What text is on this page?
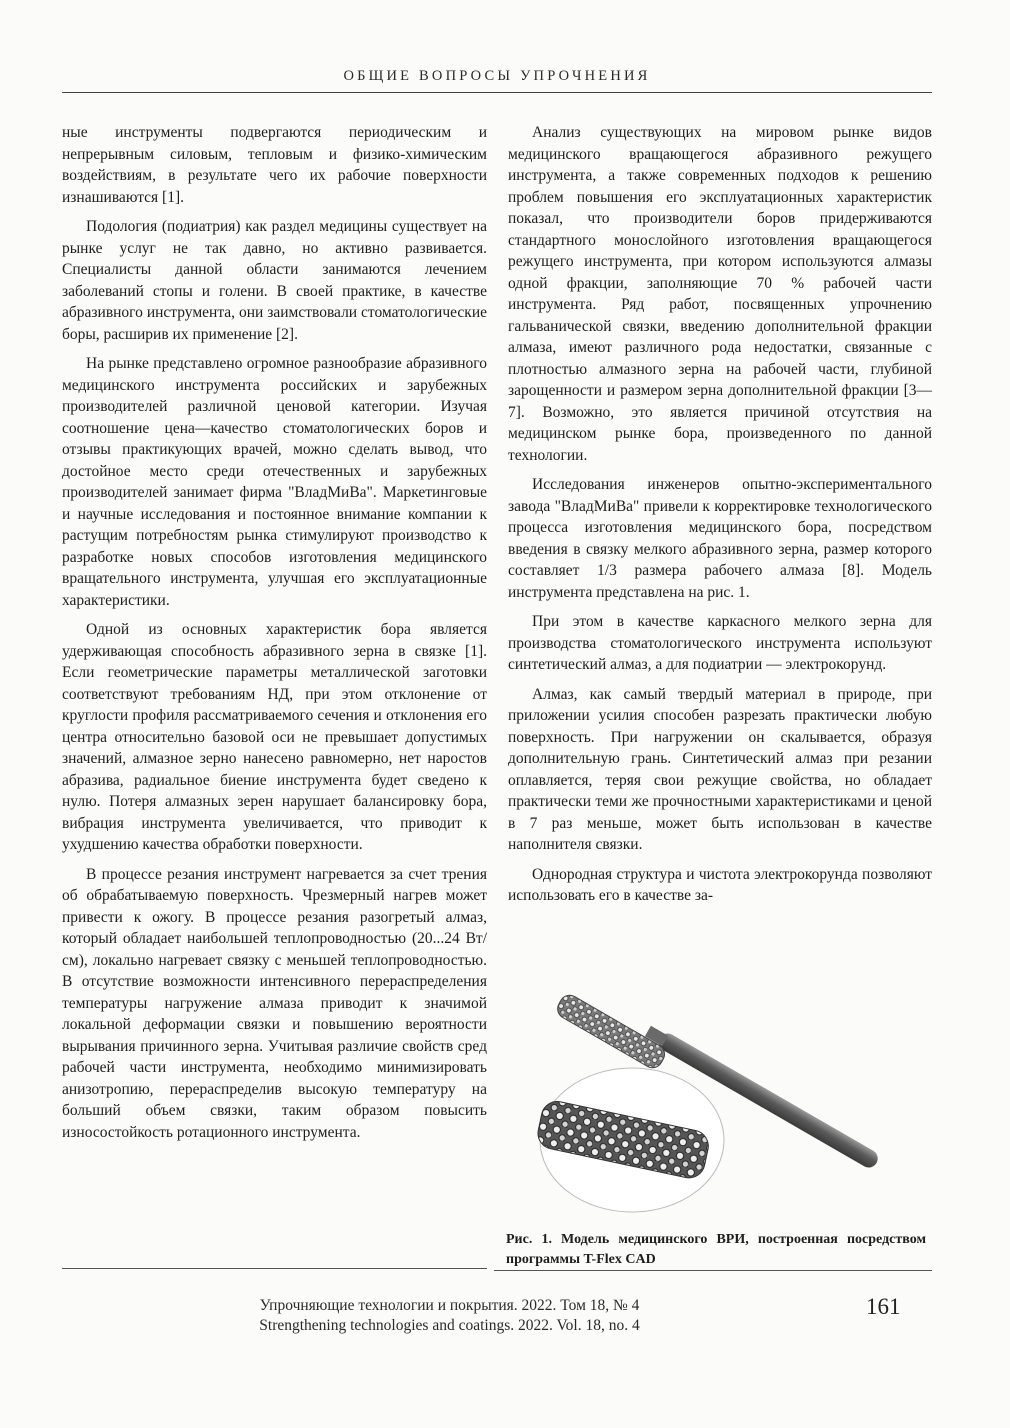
ОБЩИЕ ВОПРОСЫ УПРОЧНЕНИЯ

ные инструменты подвергаются периодическим и непрерывным силовым, тепловым и физико-химическим воздействиям, в результате чего их рабочие поверхности изнашиваются [1].

Подология (подиатрия) как раздел медицины существует на рынке услуг не так давно, но активно развивается. Специалисты данной области занимаются лечением заболеваний стопы и голени. В своей практике, в качестве абразивного инструмента, они заимствовали стоматологические боры, расширив их применение [2].

На рынке представлено огромное разнообразие абразивного медицинского инструмента российских и зарубежных производителей различной ценовой категории. Изучая соотношение цена—качество стоматологических боров и отзывы практикующих врачей, можно сделать вывод, что достойное место среди отечественных и зарубежных производителей занимает фирма "ВладМиВа". Маркетинговые и научные исследования и постоянное внимание компании к растущим потребностям рынка стимулируют производство к разработке новых способов изготовления медицинского вращательного инструмента, улучшая его эксплуатационные характеристики.

Одной из основных характеристик бора является удерживающая способность абразивного зерна в связке [1]. Если геометрические параметры металлической заготовки соответствуют требованиям НД, при этом отклонение от круглости профиля рассматриваемого сечения и отклонения его центра относительно базовой оси не превышает допустимых значений, алмазное зерно нанесено равномерно, нет наростов абразива, радиальное биение инструмента будет сведено к нулю. Потеря алмазных зерен нарушает балансировку бора, вибрация инструмента увеличивается, что приводит к ухудшению качества обработки поверхности.

В процессе резания инструмент нагревается за счет трения об обрабатываемую поверхность. Чрезмерный нагрев может привести к ожогу. В процессе резания разогретый алмаз, который обладает наибольшей теплопроводностью (20...24 Вт/см), локально нагревает связку с меньшей теплопроводностью. В отсутствие возможности интенсивного перераспределения температуры нагружение алмаза приводит к значимой локальной деформации связки и повышению вероятности вырывания причинного зерна. Учитывая различие свойств сред рабочей части инструмента, необходимо минимизировать анизотропию, перераспределив высокую температуру на больший объем связки, таким образом повысить износостойкость ротационного инструмента.

Анализ существующих на мировом рынке видов медицинского вращающегося абразивного режущего инструмента, а также современных подходов к решению проблем повышения его эксплуатационных характеристик показал, что производители боров придерживаются стандартного монослойного изготовления вращающегося режущего инструмента, при котором используются алмазы одной фракции, заполняющие 70 % рабочей части инструмента. Ряд работ, посвященных упрочнению гальванической связки, введению дополнительной фракции алмаза, имеют различного рода недостатки, связанные с плотностью алмазного зерна на рабочей части, глубиной зарощенности и размером зерна дополнительной фракции [3—7]. Возможно, это является причиной отсутствия на медицинском рынке бора, произведенного по данной технологии.

Исследования инженеров опытно-экспериментального завода "ВладМиВа" привели к корректировке технологического процесса изготовления медицинского бора, посредством введения в связку мелкого абразивного зерна, размер которого составляет 1/3 размера рабочего алмаза [8]. Модель инструмента представлена на рис. 1.

При этом в качестве каркасного мелкого зерна для производства стоматологического инструмента используют синтетический алмаз, а для подиатрии — электрокорунд.

Алмаз, как самый твердый материал в природе, при приложении усилия способен разрезать практически любую поверхность. При нагружении он скалывается, образуя дополнительную грань. Синтетический алмаз при резании оплавляется, теряя свои режущие свойства, но обладает практически теми же прочностными характеристиками и ценой в 7 раз меньше, может быть использован в качестве наполнителя связки.

Однородная структура и чистота электрокорунда позволяют использовать его в качестве за-

Рис. 1. Модель медицинского ВРИ, построенная посредством программы T-Flex CAD
Упрочняющие технологии и покрытия. 2022. Том 18, № 4
Strengthening technologies and coatings. 2022. Vol. 18, no. 4
161
